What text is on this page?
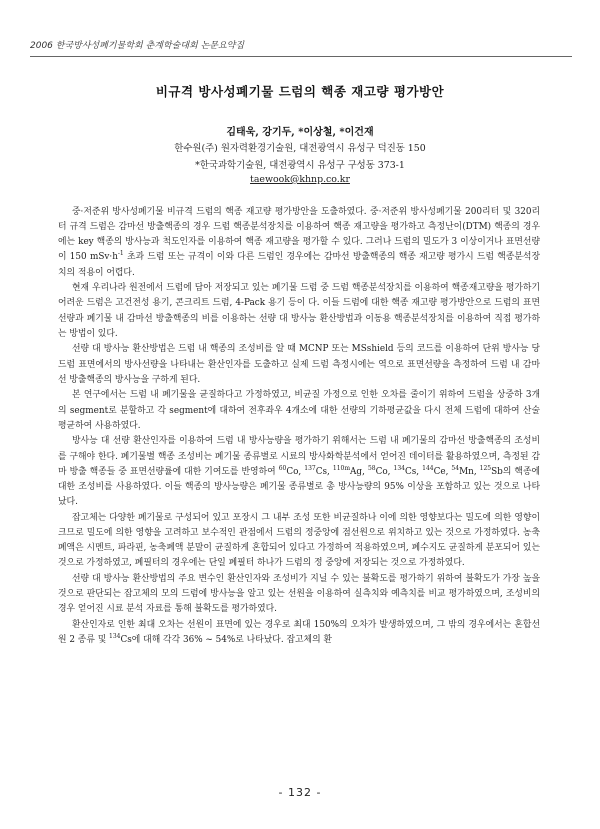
2006 한국방사성폐기물학회 춘계학술대회 논문요약집
비규격 방사성폐기물 드럼의 핵종 재고량 평가방안
김태욱, 강기두, *이상철, *이건재
한수원(주) 원자력환경기술원, 대전광역시 유성구 덕진동 150
*한국과학기술원, 대전광역시 유성구 구성동 373-1
taewook@khnp.co.kr

중·저준위 방사성폐기물 비규격 드럼의 핵종 재고량 평가방안을 도출하였다. 중·저준위 방사성폐기물 200리터 및 320리터 규격 드럼은 감마선 방출핵종의 경우 드럼 핵종분석장치를 이용하여 핵종 재고량을 평가하고 측정난이(DTM) 핵종의 경우에는 key 핵종의 방사능과 척도인자를 이용하여 핵종 재고량을 평가할 수 있다. 그러나 드럼의 밀도가 3 이상이거나 표면선량이 150 $mSv\cdot h^{-1}$ 초과 드럼 또는 규격이 이와 다른 드럼인 경우에는 감마선 방출핵종의 핵종 재고량 평가시 드럼 핵종분석장치의 적용이 어렵다.

현재 우리나라 원전에서 드럼에 담아 저장되고 있는 폐기물 드럼 중 드럼 핵종분석장치를 이용하여 핵종재고량을 평가하기 어려운 드럼은 고건전성 용기, 콘크리트 드럼, 4-Pack 용기 등이 다. 이들 드럼에 대한 핵종 재고량 평가방안으로 드럼의 표면선량과 폐기물 내 감마선 방출핵종의 비를 이용하는 선량 대 방사능 환산방법과 이동용 핵종분석장치를 이용하여 직접 평가하는 방법이 있다.

선량 대 방사능 환산방법은 드럼 내 핵종의 조성비를 알 때 MCNP 또는 MSshield 등의 코드를 이용하여 단위 방사능 당 드럼 표면에서의 방사선량을 나타내는 환산인자를 도출하고 실제 드럼 측정시에는 역으로 표면선량을 측정하여 드럼 내 감마선 방출핵종의 방사능을 구하게 된다.

본 연구에서는 드럼 내 폐기물을 균질하다고 가정하였고, 비균질 가정으로 인한 오차를 줄이기 위하여 드럼을 상중하 3개의 segment로 분할하고 각 segment에 대하여 전후좌우 4개소에 대한 선량의 기하평균값을 다시 전체 드럼에 대하여 산술평균하여 사용하였다.

방사능 대 선량 환산인자를 이용하여 드럼 내 방사능량을 평가하기 위해서는 드럼 내 폐기물의 감마선 방출핵종의 조성비를 구해야 한다. 폐기물별 핵종 조성비는 폐기물 종류별로 시료의 방사화학분석에서 얻어진 데이터를 활용하였으며, 측정된 감마 방출 핵종들 중 표면선량률에 대한 기여도를 반영하여 $^{60}$Co, $^{137}$Cs, $^{110m}$Ag, $^{58}$Co, $^{134}$Cs, $^{144}$Ce, $^{54}$Mn, $^{125}$Sb의 핵종에 대한 조성비를 사용하였다. 이들 핵종의 방사능량은 폐기물 종류별로 총 방사능량의 95% 이상을 포함하고 있는 것으로 나타났다.

잡고체는 다양한 폐기물로 구성되어 있고 포장시 그 내부 조성 또한 비균질하나 이에 의한 영향보다는 밀도에 의한 영향이 크므로 밀도에 의한 영향을 고려하고 보수적인 관점에서 드럼의 정중앙에 점선원으로 위치하고 있는 것으로 가정하였다. 농축폐액은 시멘트, 파라핀, 농축폐액 분말이 균질하게 혼합되어 있다고 가정하여 적용하였으며, 폐수지도 균질하게 분포되어 있는 것으로 가정하였고, 폐필터의 경우에는 단일 폐필터 하나가 드럼의 정 중앙에 저장되는 것으로 가정하였다.

선량 대 방사능 환산방법의 주요 변수인 환산인자와 조성비가 지닐 수 있는 불확도를 평가하기 위하여 불확도가 가장 높을 것으로 판단되는 잡고체의 모의 드럼에 방사능을 알고 있는 선원을 이용하여 실측치와 예측치를 비교 평가하였으며, 조성비의 경우 얻어진 시료 분석 자료를 통해 불확도를 평가하였다.

환산인자로 인한 최대 오차는 선원이 표면에 있는 경우로 최대 150%의 오차가 발생하였으며, 그 밖의 경우에서는 혼합선원 2 종류 및 $^{134}$Cs에 대해 각각 36% ~ 54%로 나타났다. 잡고체의 환

- 132 -
